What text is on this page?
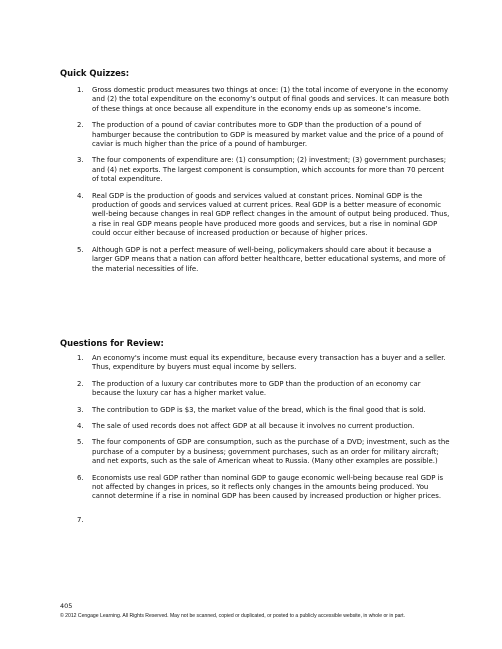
Quick Quizzes:
1. Gross domestic product measures two things at once: (1) the total income of everyone in the economy and (2) the total expenditure on the economy’s output of final goods and services. It can measure both of these things at once because all expenditure in the economy ends up as someone’s income.
2. The production of a pound of caviar contributes more to GDP than the production of a pound of hamburger because the contribution to GDP is measured by market value and the price of a pound of caviar is much higher than the price of a pound of hamburger.
3. The four components of expenditure are: (1) consumption; (2) investment; (3) government purchases; and (4) net exports. The largest component is consumption, which accounts for more than 70 percent of total expenditure.
4. Real GDP is the production of goods and services valued at constant prices. Nominal GDP is the production of goods and services valued at current prices. Real GDP is a better measure of economic well-being because changes in real GDP reflect changes in the amount of output being produced. Thus, a rise in real GDP means people have produced more goods and services, but a rise in nominal GDP could occur either because of increased production or because of higher prices.
5. Although GDP is not a perfect measure of well-being, policymakers should care about it because a larger GDP means that a nation can afford better healthcare, better educational systems, and more of the material necessities of life.
Questions for Review:
1. An economy's income must equal its expenditure, because every transaction has a buyer and a seller. Thus, expenditure by buyers must equal income by sellers.
2. The production of a luxury car contributes more to GDP than the production of an economy car because the luxury car has a higher market value.
3. The contribution to GDP is $3, the market value of the bread, which is the final good that is sold.
4. The sale of used records does not affect GDP at all because it involves no current production.
5. The four components of GDP are consumption, such as the purchase of a DVD; investment, such as the purchase of a computer by a business; government purchases, such as an order for military aircraft; and net exports, such as the sale of American wheat to Russia. (Many other examples are possible.)
6. Economists use real GDP rather than nominal GDP to gauge economic well-being because real GDP is not affected by changes in prices, so it reflects only changes in the amounts being produced. You cannot determine if a rise in nominal GDP has been caused by increased production or higher prices.
7.
405
© 2012 Cengage Learning. All Rights Reserved. May not be scanned, copied or duplicated, or posted to a publicly accessible website, in whole or in part.
